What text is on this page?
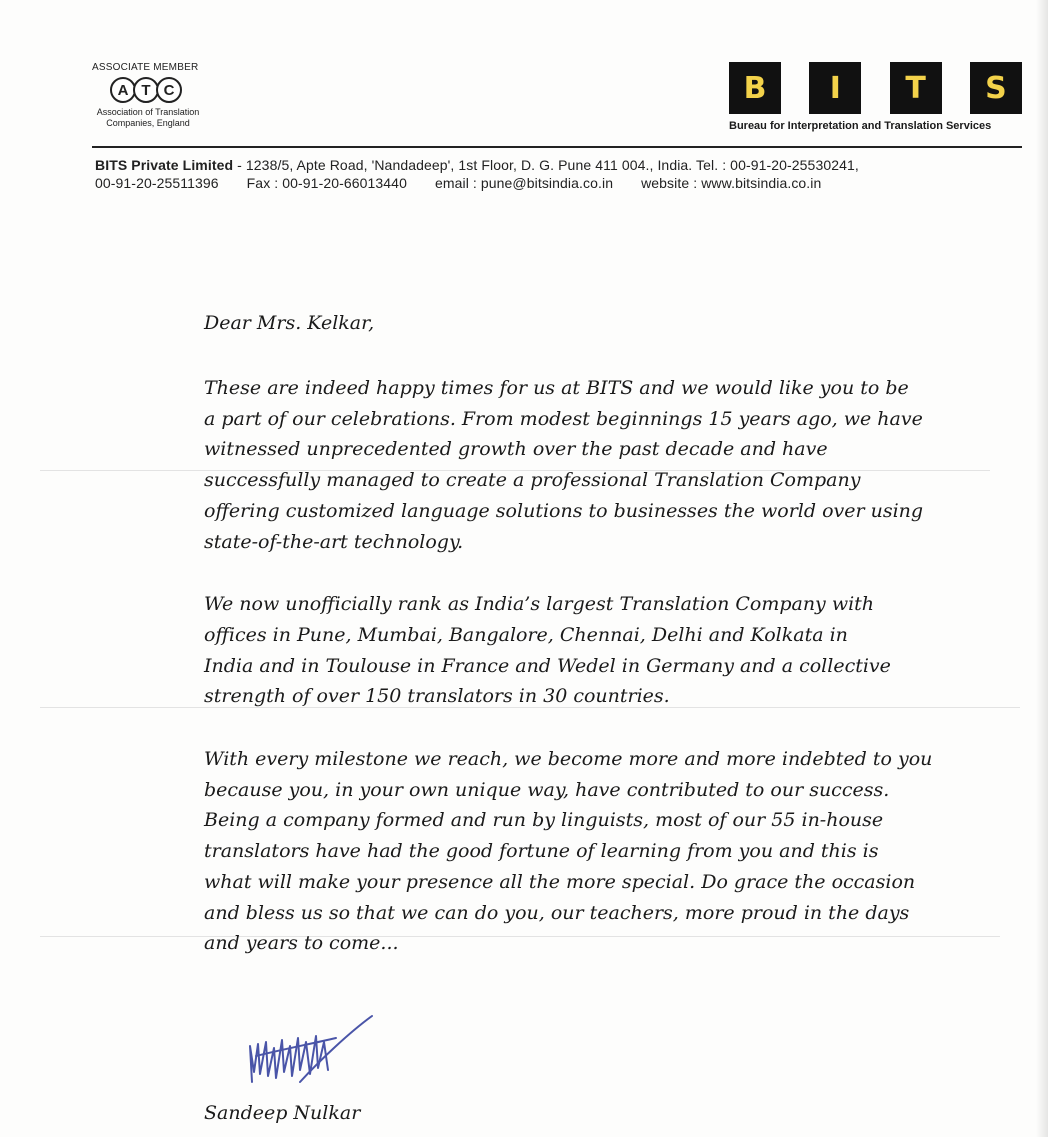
ASSOCIATE MEMBER
A T C
Association of Translation
Companies, England
B	I	T	S
Bureau for Interpretation and Translation Services
BITS Private Limited - 1238/5, Apte Road, 'Nandadeep', 1st Floor, D. G. Pune 411 004., India. Tel. : 00-91-20-25530241,
00-91-20-25511396 Fax : 00-91-20-66013440 email : pune@bitsindia.co.in website : www.bitsindia.co.in
Dear Mrs. Kelkar,
These are indeed happy times for us at BITS and we would like you to be
a part of our celebrations. From modest beginnings 15 years ago, we have
witnessed unprecedented growth over the past decade and have
successfully managed to create a professional Translation Company
offering customized language solutions to businesses the world over using
state-of-the-art technology.
We now unofficially rank as India’s largest Translation Company with
offices in Pune, Mumbai, Bangalore, Chennai, Delhi and Kolkata in
India and in Toulouse in France and Wedel in Germany and a collective
strength of over 150 translators in 30 countries.
With every milestone we reach, we become more and more indebted to you
because you, in your own unique way, have contributed to our success.
Being a company formed and run by linguists, most of our 55 in-house
translators have had the good fortune of learning from you and this is
what will make your presence all the more special. Do grace the occasion
and bless us so that we can do you, our teachers, more proud in the days
and years to come...
Sandeep Nulkar
